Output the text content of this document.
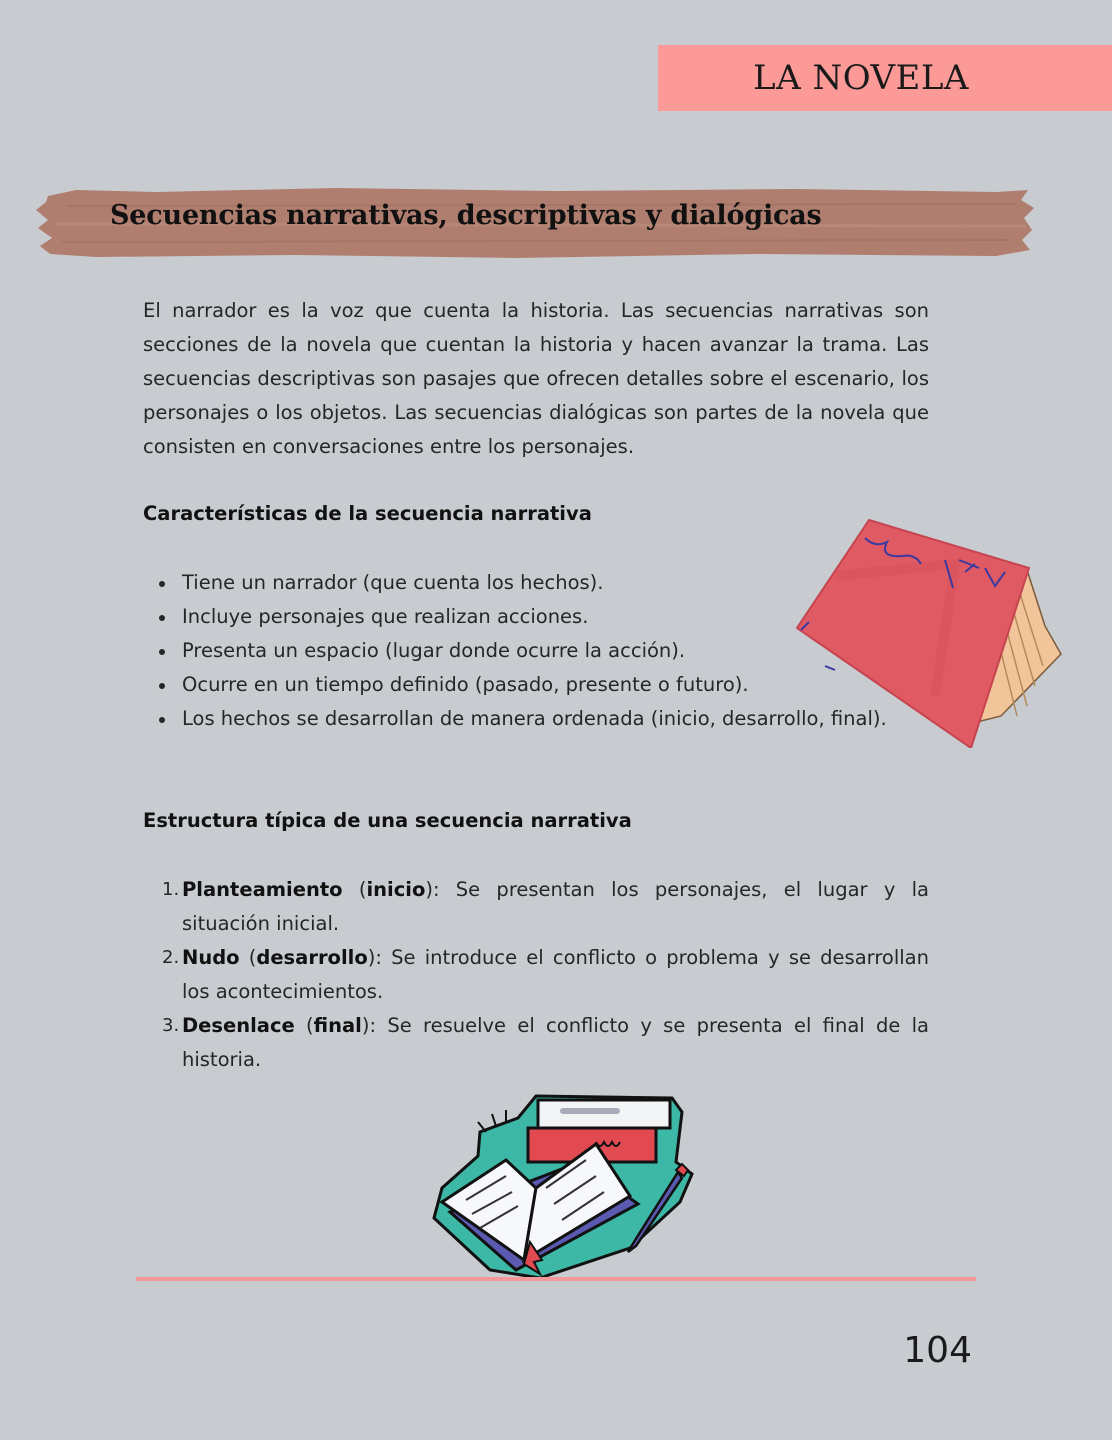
LA NOVELA
Secuencias narrativas, descriptivas y dialógicas

El narrador es la voz que cuenta la historia. Las secuencias narrativas son secciones de la novela que cuentan la historia y hacen avanzar la trama. Las secuencias descriptivas son pasajes que ofrecen detalles sobre el escenario, los personajes o los objetos. Las secuencias dialógicas son partes de la novela que consisten en conversaciones entre los personajes.

Características de la secuencia narrativa
Tiene un narrador (que cuenta los hechos).
Incluye personajes que realizan acciones.
Presenta un espacio (lugar donde ocurre la acción).
Ocurre en un tiempo definido (pasado, presente o futuro).
Los hechos se desarrollan de manera ordenada (inicio, desarrollo, final).
Estructura típica de una secuencia narrativa
1. Planteamiento (inicio): Se presentan los personajes, el lugar y la situación inicial.
2. Nudo (desarrollo): Se introduce el conflicto o problema y se desarrollan los acontecimientos.
3. Desenlace (final): Se resuelve el conflicto y se presenta el final de la historia.
104
